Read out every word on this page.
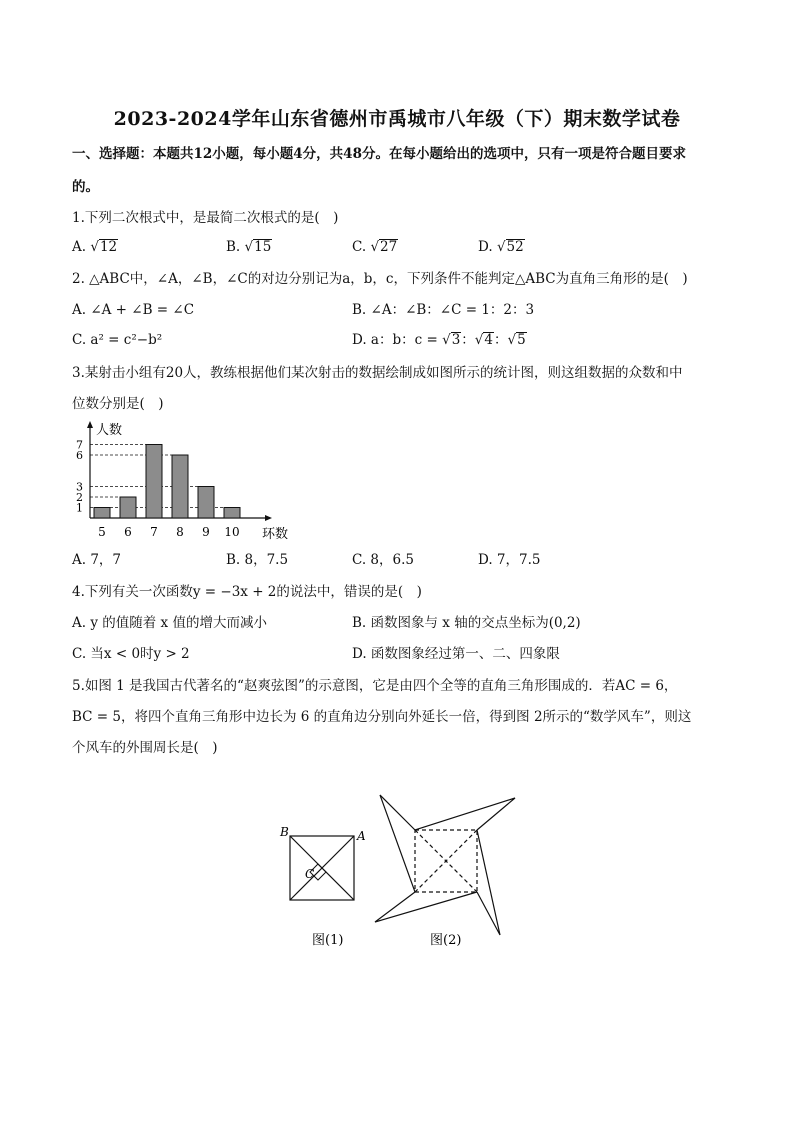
2023-2024学年山东省德州市禹城市八年级（下）期末数学试卷
一、选择题：本题共12小题，每小题4分，共48分。在每小题给出的选项中，只有一项是符合题目要求
的。
1.下列二次根式中，是最简二次根式的是(　)
A. √12	B. √15	C. √27	D. √52
2. △ABC中，∠A，∠B，∠C的对边分别记为a，b，c，下列条件不能判定△ABC为直角三角形的是(　)
A. ∠A + ∠B = ∠C	B. ∠A：∠B：∠C = 1：2：3
C. a² = c²−b²	D. a：b：c = √3：√4：√5
3.某射击小组有20人，教练根据他们某次射击的数据绘制成如图所示的统计图，则这组数据的众数和中
位数分别是(　)
人数
环数
1
2
3
6
7
5 6 7 8 9 10
A. 7，7	B. 8，7.5	C. 8，6.5	D. 7，7.5
4.下列有关一次函数y = −3x + 2的说法中，错误的是(　)
A. y 的值随着 x 值的增大而减小	B. 函数图象与 x 轴的交点坐标为(0,2)
C. 当x < 0时y > 2	D. 函数图象经过第一、二、四象限
5.如图 1 是我国古代著名的“赵爽弦图”的示意图，它是由四个全等的直角三角形围成的．若AC = 6，
BC = 5，将四个直角三角形中边长为 6 的直角边分别向外延长一倍，得到图 2所示的“数学风车”，则这
个风车的外围周长是(　)
B	A
C
图(1)	图(2)
